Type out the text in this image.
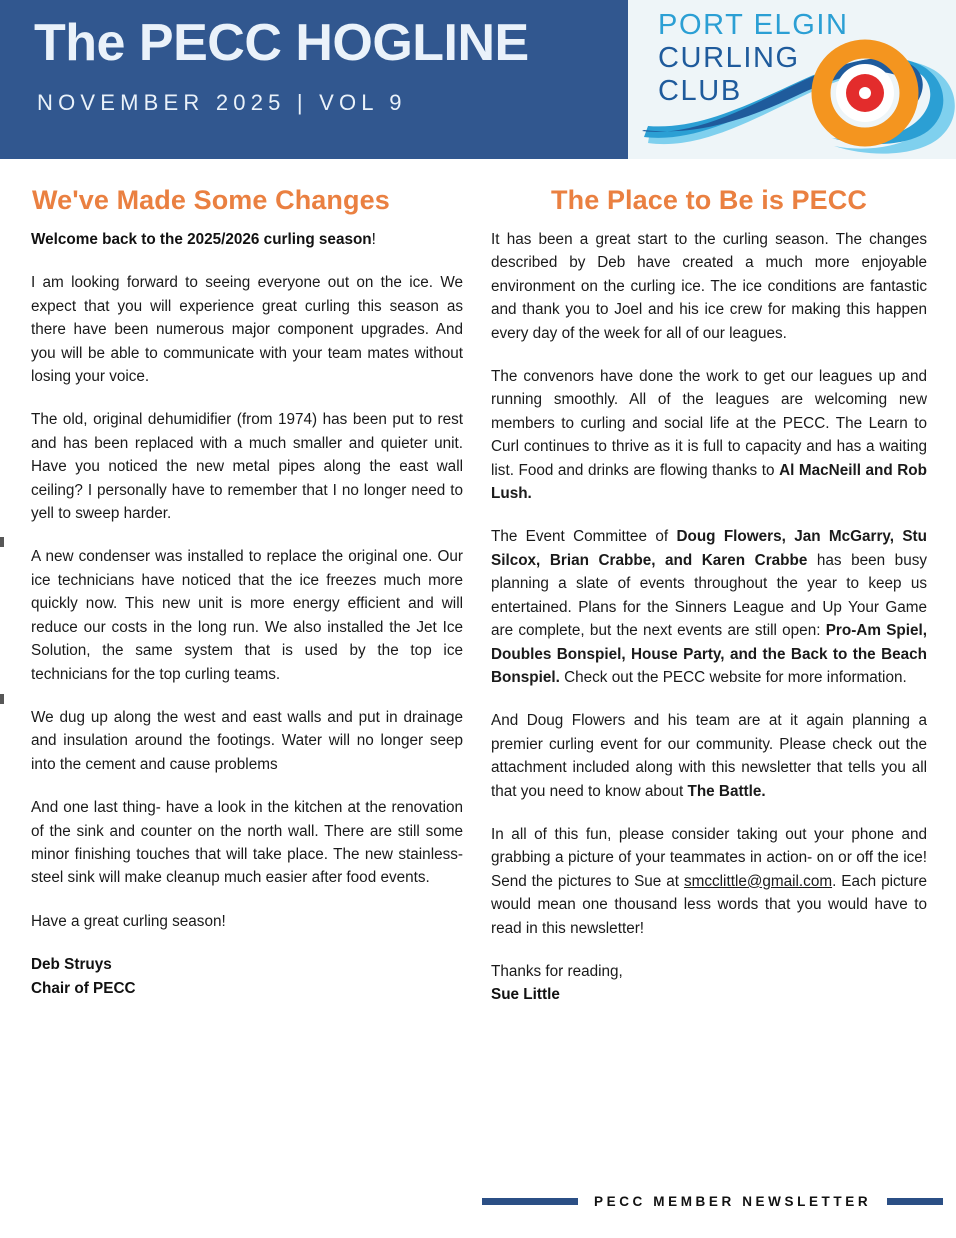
The PECC HOGLINE
NOVEMBER 2025 | VOL 9
PORT ELGIN
CURLING
CLUB
We've Made Some Changes

Welcome back to the 2025/2026 curling season!

I am looking forward to seeing everyone out on the ice. We expect that you will experience great curling this season as there have been numerous major component upgrades. And you will be able to communicate with your team mates without losing your voice.

The old, original dehumidifier (from 1974) has been put to rest and has been replaced with a much smaller and quieter unit. Have you noticed the new metal pipes along the east wall ceiling? I personally have to remember that I no longer need to yell to sweep harder.

A new condenser was installed to replace the original one. Our ice technicians have noticed that the ice freezes much more quickly now. This new unit is more energy efficient and will reduce our costs in the long run. We also installed the Jet Ice Solution, the same system that is used by the top ice technicians for the top curling teams.

We dug up along the west and east walls and put in drainage and insulation around the footings. Water will no longer seep into the cement and cause problems

And one last thing- have a look in the kitchen at the renovation of the sink and counter on the north wall. There are still some minor finishing touches that will take place. The new stainless-steel sink will make cleanup much easier after food events.

Have a great curling season!

Deb Struys

Chair of PECC

The Place to Be is PECC

It has been a great start to the curling season. The changes described by Deb have created a much more enjoyable environment on the curling ice. The ice conditions are fantastic and thank you to Joel and his ice crew for making this happen every day of the week for all of our leagues.

The convenors have done the work to get our leagues up and running smoothly. All of the leagues are welcoming new members to curling and social life at the PECC. The Learn to Curl continues to thrive as it is full to capacity and has a waiting list. Food and drinks are flowing thanks to Al MacNeill and Rob Lush.

The Event Committee of Doug Flowers, Jan McGarry, Stu Silcox, Brian Crabbe, and Karen Crabbe has been busy planning a slate of events throughout the year to keep us entertained. Plans for the Sinners League and Up Your Game are complete, but the next events are still open: Pro-Am Spiel, Doubles Bonspiel, House Party, and the Back to the Beach Bonspiel. Check out the PECC website for more information.

And Doug Flowers and his team are at it again planning a premier curling event for our community. Please check out the attachment included along with this newsletter that tells you all that you need to know about The Battle.

In all of this fun, please consider taking out your phone and grabbing a picture of your teammates in action- on or off the ice! Send the pictures to Sue at smcclittle@gmail.com. Each picture would mean one thousand less words that you would have to read in this newsletter!

Thanks for reading,

Sue Little

PECC MEMBER NEWSLETTER
